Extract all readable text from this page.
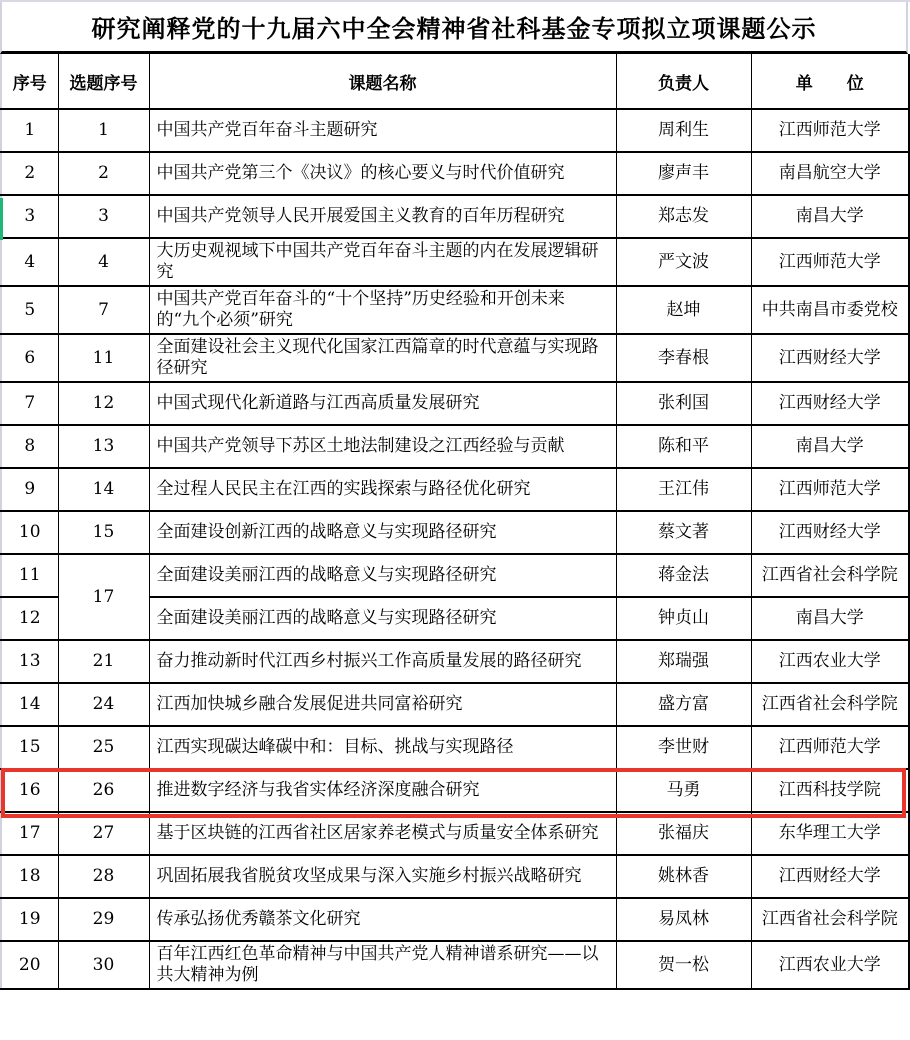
研究阐释党的十九届六中全会精神省社科基金专项拟立项课题公示
序号	选题序号	课题名称	负责人	单　　位
1	1	中国共产党百年奋斗主题研究	周利生	江西师范大学
2	2	中国共产党第三个《决议》的核心要义与时代价值研究	廖声丰	南昌航空大学
3	3	中国共产党领导人民开展爱国主义教育的百年历程研究	郑志发	南昌大学
4	4	大历史观视域下中国共产党百年奋斗主题的内在发展逻辑研究	严文波	江西师范大学
5	7	中国共产党百年奋斗的“十个坚持”历史经验和开创未来的“九个必须”研究	赵坤	中共南昌市委党校
6	11	全面建设社会主义现代化国家江西篇章的时代意蕴与实现路径研究	李春根	江西财经大学
7	12	中国式现代化新道路与江西高质量发展研究	张利国	江西财经大学
8	13	中国共产党领导下苏区土地法制建设之江西经验与贡献	陈和平	南昌大学
9	14	全过程人民民主在江西的实践探索与路径优化研究	王江伟	江西师范大学
10	15	全面建设创新江西的战略意义与实现路径研究	蔡文著	江西财经大学
11	17	全面建设美丽江西的战略意义与实现路径研究	蒋金法	江西省社会科学院
12		全面建设美丽江西的战略意义与实现路径研究	钟贞山	南昌大学
13	21	奋力推动新时代江西乡村振兴工作高质量发展的路径研究	郑瑞强	江西农业大学
14	24	江西加快城乡融合发展促进共同富裕研究	盛方富	江西省社会科学院
15	25	江西实现碳达峰碳中和：目标、挑战与实现路径	李世财	江西师范大学
16	26	推进数字经济与我省实体经济深度融合研究	马勇	江西科技学院
17	27	基于区块链的江西省社区居家养老模式与质量安全体系研究	张福庆	东华理工大学
18	28	巩固拓展我省脱贫攻坚成果与深入实施乡村振兴战略研究	姚林香	江西财经大学
19	29	传承弘扬优秀赣茶文化研究	易凤林	江西省社会科学院
20	30	百年江西红色革命精神与中国共产党人精神谱系研究——以共大精神为例	贺一松	江西农业大学
